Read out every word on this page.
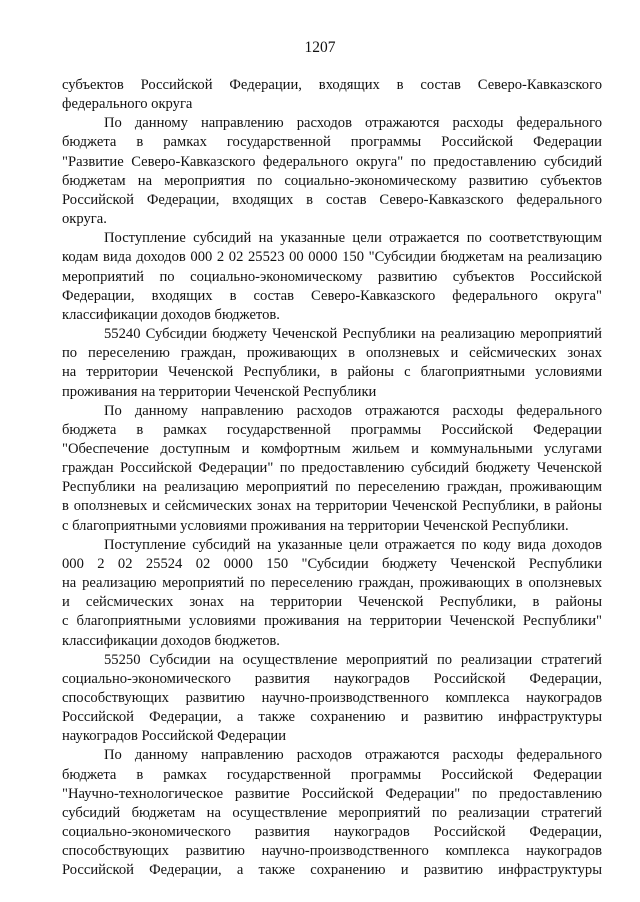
1207
субъектов Российской Федерации, входящих в состав Северо-Кавказского
федерального округа
По данному направлению расходов отражаются расходы федерального
бюджета в рамках государственной программы Российской Федерации
"Развитие Северо-Кавказского федерального округа" по предоставлению субсидий
бюджетам на мероприятия по социально-экономическому развитию субъектов
Российской Федерации, входящих в состав Северо-Кавказского федерального
округа.
Поступление субсидий на указанные цели отражается по соответствующим
кодам вида доходов 000 2 02 25523 00 0000 150 "Субсидии бюджетам на реализацию
мероприятий по социально-экономическому развитию субъектов Российской
Федерации, входящих в состав Северо-Кавказского федерального округа"
классификации доходов бюджетов.
55240 Субсидии бюджету Чеченской Республики на реализацию мероприятий
по переселению граждан, проживающих в оползневых и сейсмических зонах
на территории Чеченской Республики, в районы с благоприятными условиями
проживания на территории Чеченской Республики
По данному направлению расходов отражаются расходы федерального
бюджета в рамках государственной программы Российской Федерации
"Обеспечение доступным и комфортным жильем и коммунальными услугами
граждан Российской Федерации" по предоставлению субсидий бюджету Чеченской
Республики на реализацию мероприятий по переселению граждан, проживающим
в оползневых и сейсмических зонах на территории Чеченской Республики, в районы
с благоприятными условиями проживания на территории Чеченской Республики.
Поступление субсидий на указанные цели отражается по коду вида доходов
000 2 02 25524 02 0000 150 "Субсидии бюджету Чеченской Республики
на реализацию мероприятий по переселению граждан, проживающих в оползневых
и сейсмических зонах на территории Чеченской Республики, в районы
с благоприятными условиями проживания на территории Чеченской Республики"
классификации доходов бюджетов.
55250 Субсидии на осуществление мероприятий по реализации стратегий
социально-экономического развития наукоградов Российской Федерации,
способствующих развитию научно-производственного комплекса наукоградов
Российской Федерации, а также сохранению и развитию инфраструктуры
наукоградов Российской Федерации
По данному направлению расходов отражаются расходы федерального
бюджета в рамках государственной программы Российской Федерации
"Научно-технологическое развитие Российской Федерации" по предоставлению
субсидий бюджетам на осуществление мероприятий по реализации стратегий
социально-экономического развития наукоградов Российской Федерации,
способствующих развитию научно-производственного комплекса наукоградов
Российской Федерации, а также сохранению и развитию инфраструктуры
